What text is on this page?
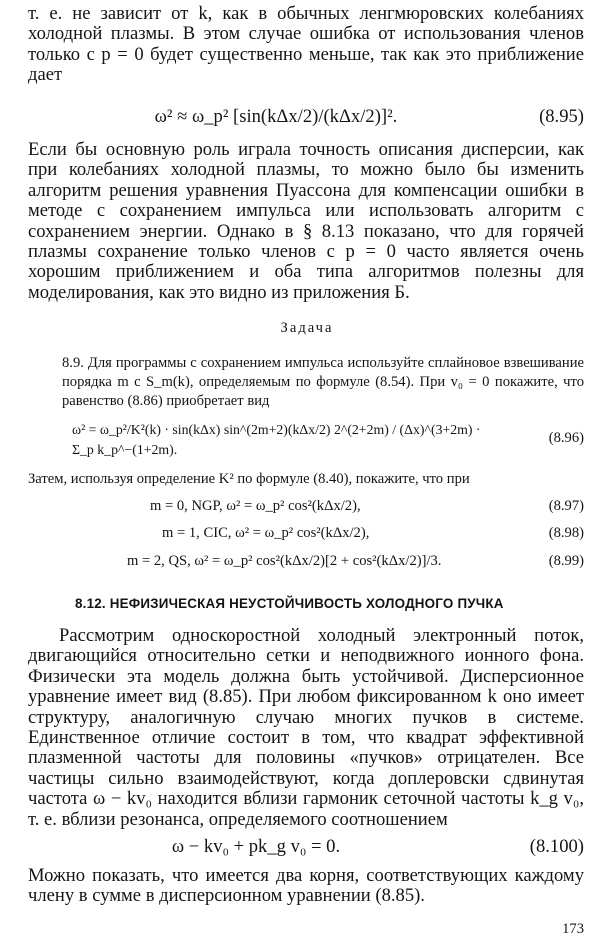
т. е. не зависит от k, как в обычных ленгмюровских колебаниях холодной плазмы. В этом случае ошибка от использования членов только с p = 0 будет существенно меньше, так как это приближение дает

ω² ≈ ω_p² [sin(kΔx/2)/(kΔx/2)]².	(8.95)

Если бы основную роль играла точность описания дисперсии, как при колебаниях холодной плазмы, то можно было бы изменить алгоритм решения уравнения Пуассона для компенсации ошибки в методе с сохранением импульса или использовать алгоритм с сохранением энергии. Однако в § 8.13 показано, что для горячей плазмы сохранение только членов с p = 0 часто является очень хорошим приближением и оба типа алгоритмов полезны для моделирования, как это видно из приложения Б.

Задача

8.9. Для программы с сохранением импульса используйте сплайновое взвешивание порядка m с S_m(k), определяемым по формуле (8.54). При v₀ = 0 покажите, что равенство (8.86) приобретает вид

ω² = ω_p²/K²(k) · sin(kΔx) sin^(2m+2)(kΔx/2) 2^(2+2m) / (Δx)^(3+2m) · Σ_p k_p^−(1+2m).
(8.96)

Затем, используя определение K² по формуле (8.40), покажите, что при

m = 0, NGP, ω² = ω_p² cos²(kΔx/2),	(8.97)
m = 1, CIC, ω² = ω_p² cos²(kΔx/2),	(8.98)
m = 2, QS, ω² = ω_p² cos²(kΔx/2)[2 + cos²(kΔx/2)]/3.	(8.99)
8.12. НЕФИЗИЧЕСКАЯ НЕУСТОЙЧИВОСТЬ ХОЛОДНОГО ПУЧКА

Рассмотрим односкоростной холодный электронный поток, двигающийся относительно сетки и неподвижного ионного фона. Физически эта модель должна быть устойчивой. Дисперсионное уравнение имеет вид (8.85). При любом фиксированном k оно имеет структуру, аналогичную случаю многих пучков в системе. Единственное отличие состоит в том, что квадрат эффективной плазменной частоты для половины «пучков» отрицателен. Все частицы сильно взаимодействуют, когда доплеровски сдвинутая частота ω − kv₀ находится вблизи гармоник сеточной частоты k_g v₀, т. е. вблизи резонанса, определяемого соотношением

ω − kv₀ + pk_g v₀ = 0.	(8.100)

Можно показать, что имеется два корня, соответствующих каждому члену в сумме в дисперсионном уравнении (8.85).

173
